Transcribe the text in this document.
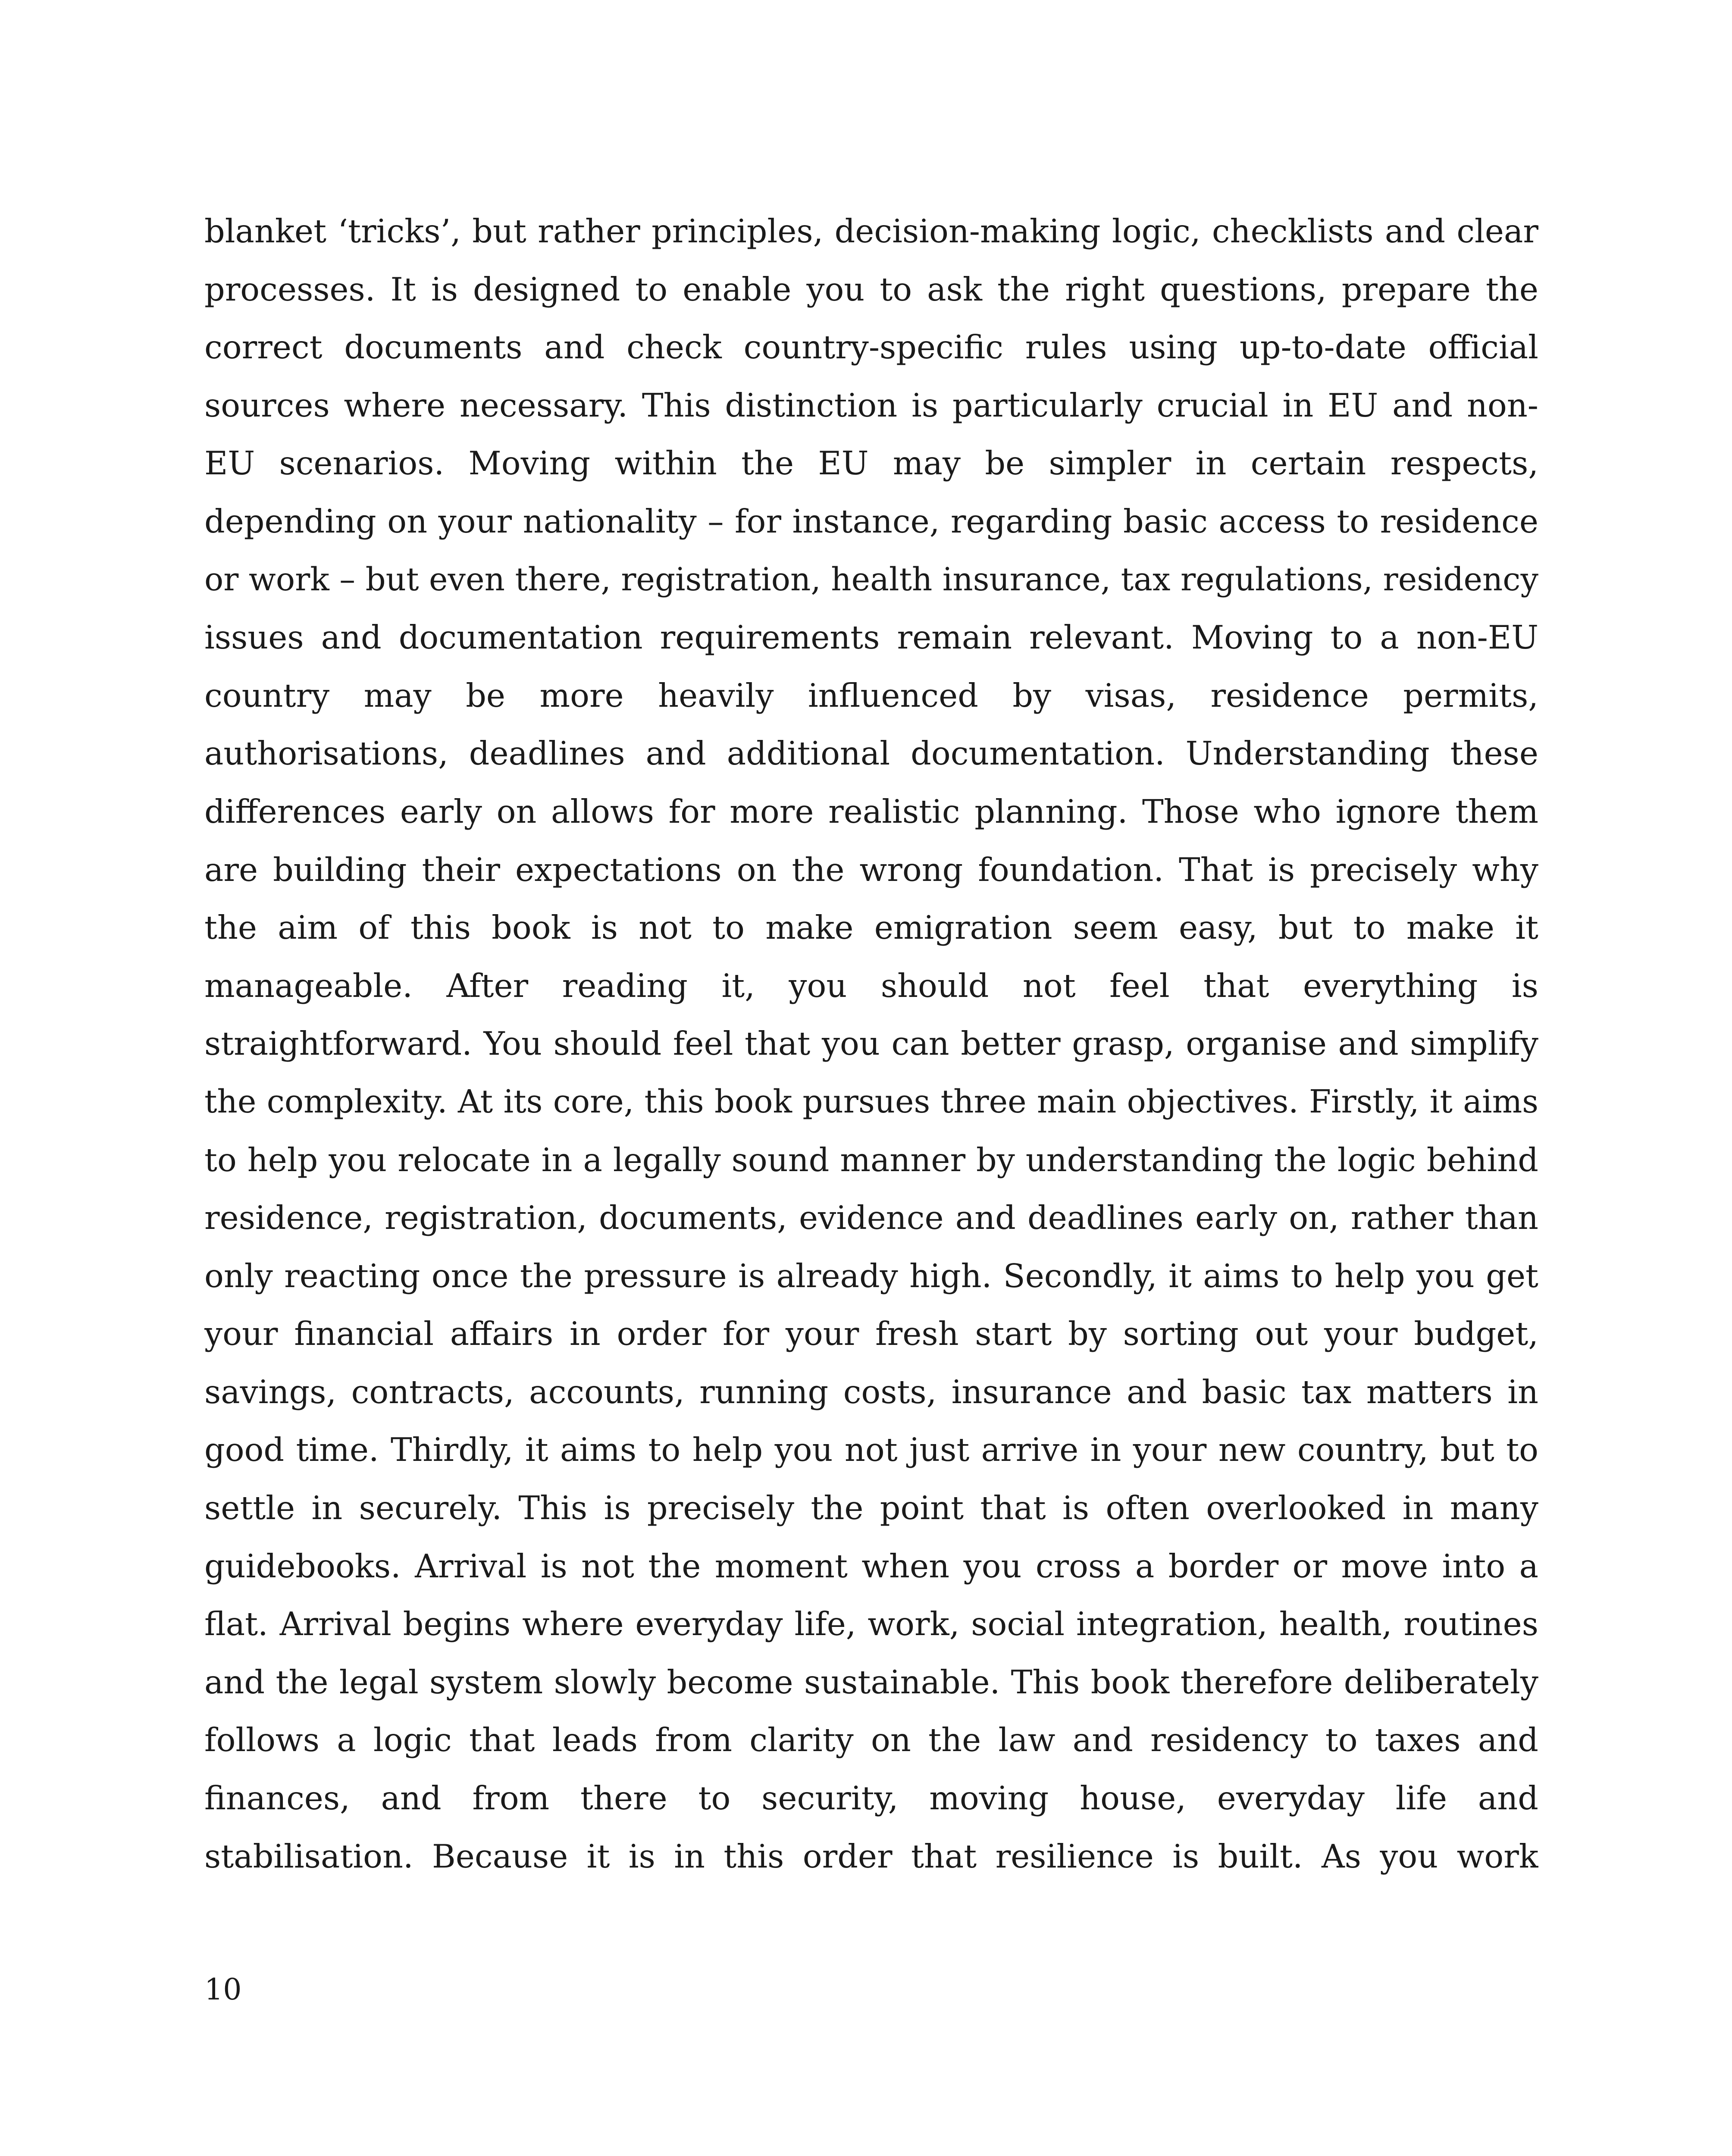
blanket ‘tricks’, but rather principles, decision-making logic, checklists and clear
processes. It is designed to enable you to ask the right questions, prepare the
correct documents and check country-specific rules using up-to-date official
sources where necessary. This distinction is particularly crucial in EU and non-
EU scenarios. Moving within the EU may be simpler in certain respects,
depending on your nationality – for instance, regarding basic access to residence
or work – but even there, registration, health insurance, tax regulations, residency
issues and documentation requirements remain relevant. Moving to a non-EU
country may be more heavily influenced by visas, residence permits,
authorisations, deadlines and additional documentation. Understanding these
differences early on allows for more realistic planning. Those who ignore them
are building their expectations on the wrong foundation. That is precisely why
the aim of this book is not to make emigration seem easy, but to make it
manageable. After reading it, you should not feel that everything is
straightforward. You should feel that you can better grasp, organise and simplify
the complexity. At its core, this book pursues three main objectives. Firstly, it aims
to help you relocate in a legally sound manner by understanding the logic behind
residence, registration, documents, evidence and deadlines early on, rather than
only reacting once the pressure is already high. Secondly, it aims to help you get
your financial affairs in order for your fresh start by sorting out your budget,
savings, contracts, accounts, running costs, insurance and basic tax matters in
good time. Thirdly, it aims to help you not just arrive in your new country, but to
settle in securely. This is precisely the point that is often overlooked in many
guidebooks. Arrival is not the moment when you cross a border or move into a
flat. Arrival begins where everyday life, work, social integration, health, routines
and the legal system slowly become sustainable. This book therefore deliberately
follows a logic that leads from clarity on the law and residency to taxes and
finances, and from there to security, moving house, everyday life and
stabilisation. Because it is in this order that resilience is built. As you work
10
